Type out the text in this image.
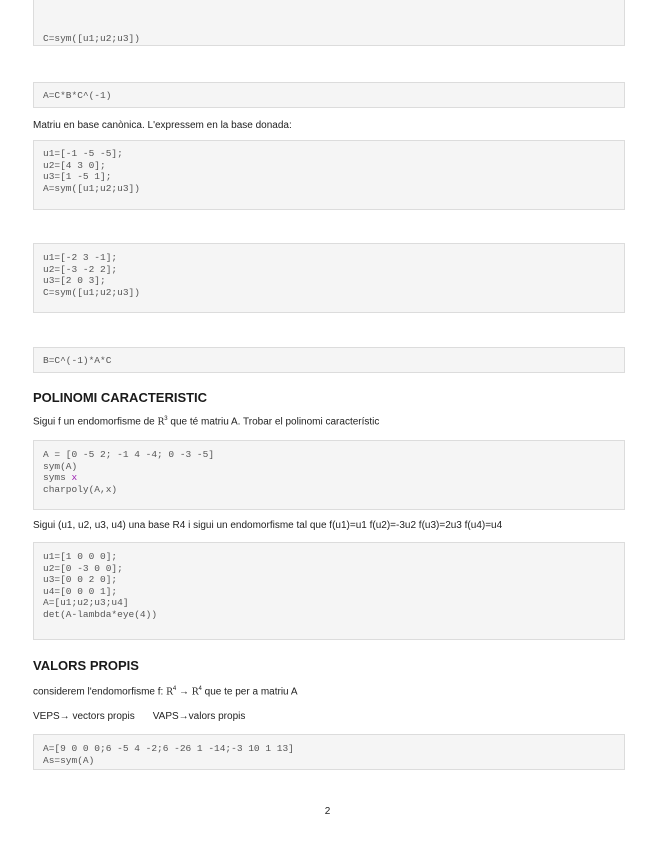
C=sym([u1;u2;u3])
A=C*B*C^(-1)
Matriu en base canònica. L'expressem en la base donada:
u1=[-1 -5 -5];
u2=[4 3 0];
u3=[1 -5 1];
A=sym([u1;u2;u3])
u1=[-2 3 -1];
u2=[-3 -2 2];
u3=[2 0 3];
C=sym([u1;u2;u3])
B=C^(-1)*A*C
POLINOMI CARACTERISTIC
Sigui f un endomorfisme de $R^3$ que té matriu A. Trobar el polinomi característic
A = [0 -5 2; -1 4 -4; 0 -3 -5]
sym(A)
syms x
charpoly(A,x)
Sigui (u1, u2, u3, u4) una base R4 i sigui un endomorfisme tal que f(u1)=u1 f(u2)=-3u2 f(u3)=2u3 f(u4)=u4
u1=[1 0 0 0];
u2=[0 -3 0 0];
u3=[0 0 2 0];
u4=[0 0 0 1];
A=[u1;u2;u3;u4]
det(A-lambda*eye(4))
VALORS PROPIS
considerem l'endomorfisme f: $R^4 \to R^4$ que te per a matriu A
VEPS→ vectors propis VAPS→valors propis
A=[9 0 0 0;6 -5 4 -2;6 -26 1 -14;-3 10 1 13]
As=sym(A)
2
